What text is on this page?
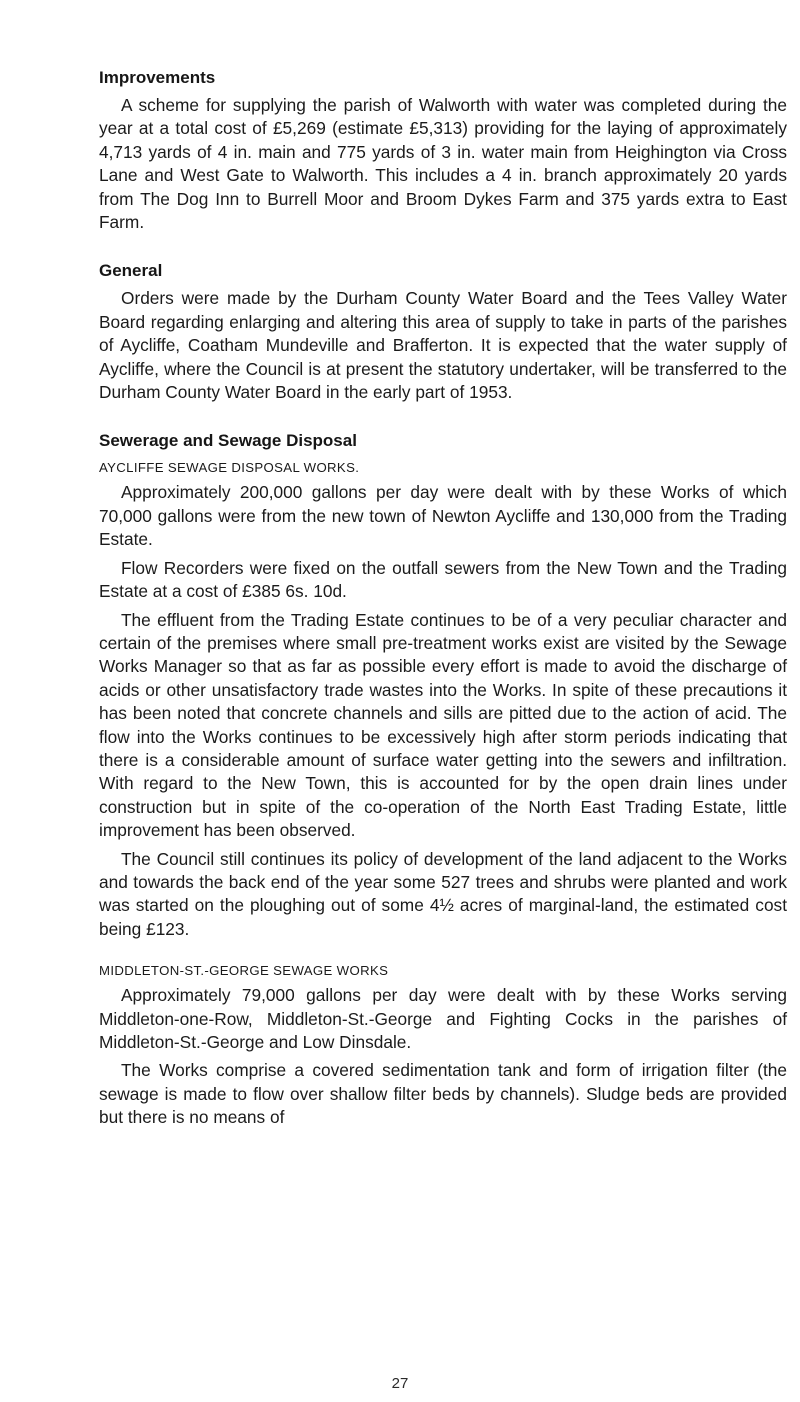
Improvements

A scheme for supplying the parish of Walworth with water was completed during the year at a total cost of £5,269 (estimate £5,313) providing for the laying of approximately 4,713 yards of 4 in. main and 775 yards of 3 in. water main from Heighington via Cross Lane and West Gate to Walworth. This includes a 4 in. branch approximately 20 yards from The Dog Inn to Burrell Moor and Broom Dykes Farm and 375 yards extra to East Farm.

General

Orders were made by the Durham County Water Board and the Tees Valley Water Board regarding enlarging and altering this area of supply to take in parts of the parishes of Aycliffe, Coatham Mundeville and Brafferton. It is expected that the water supply of Aycliffe, where the Council is at present the statutory undertaker, will be transferred to the Durham County Water Board in the early part of 1953.

Sewerage and Sewage Disposal
AYCLIFFE SEWAGE DISPOSAL WORKS.

Approximately 200,000 gallons per day were dealt with by these Works of which 70,000 gallons were from the new town of Newton Aycliffe and 130,000 from the Trading Estate.

Flow Recorders were fixed on the outfall sewers from the New Town and the Trading Estate at a cost of £385 6s. 10d.

The effluent from the Trading Estate continues to be of a very peculiar character and certain of the premises where small pre-treatment works exist are visited by the Sewage Works Manager so that as far as possible every effort is made to avoid the discharge of acids or other unsatisfactory trade wastes into the Works. In spite of these precautions it has been noted that concrete channels and sills are pitted due to the action of acid. The flow into the Works continues to be excessively high after storm periods indicating that there is a considerable amount of surface water getting into the sewers and infiltration. With regard to the New Town, this is accounted for by the open drain lines under construction but in spite of the co-operation of the North East Trading Estate, little improvement has been observed.

The Council still continues its policy of development of the land adjacent to the Works and towards the back end of the year some 527 trees and shrubs were planted and work was started on the ploughing out of some 4½ acres of marginal-land, the estimated cost being £123.

MIDDLETON-ST.-GEORGE SEWAGE WORKS

Approximately 79,000 gallons per day were dealt with by these Works serving Middleton-one-Row, Middleton-St.-George and Fighting Cocks in the parishes of Middleton-St.-George and Low Dinsdale.

The Works comprise a covered sedimentation tank and form of irrigation filter (the sewage is made to flow over shallow filter beds by channels). Sludge beds are provided but there is no means of

27
